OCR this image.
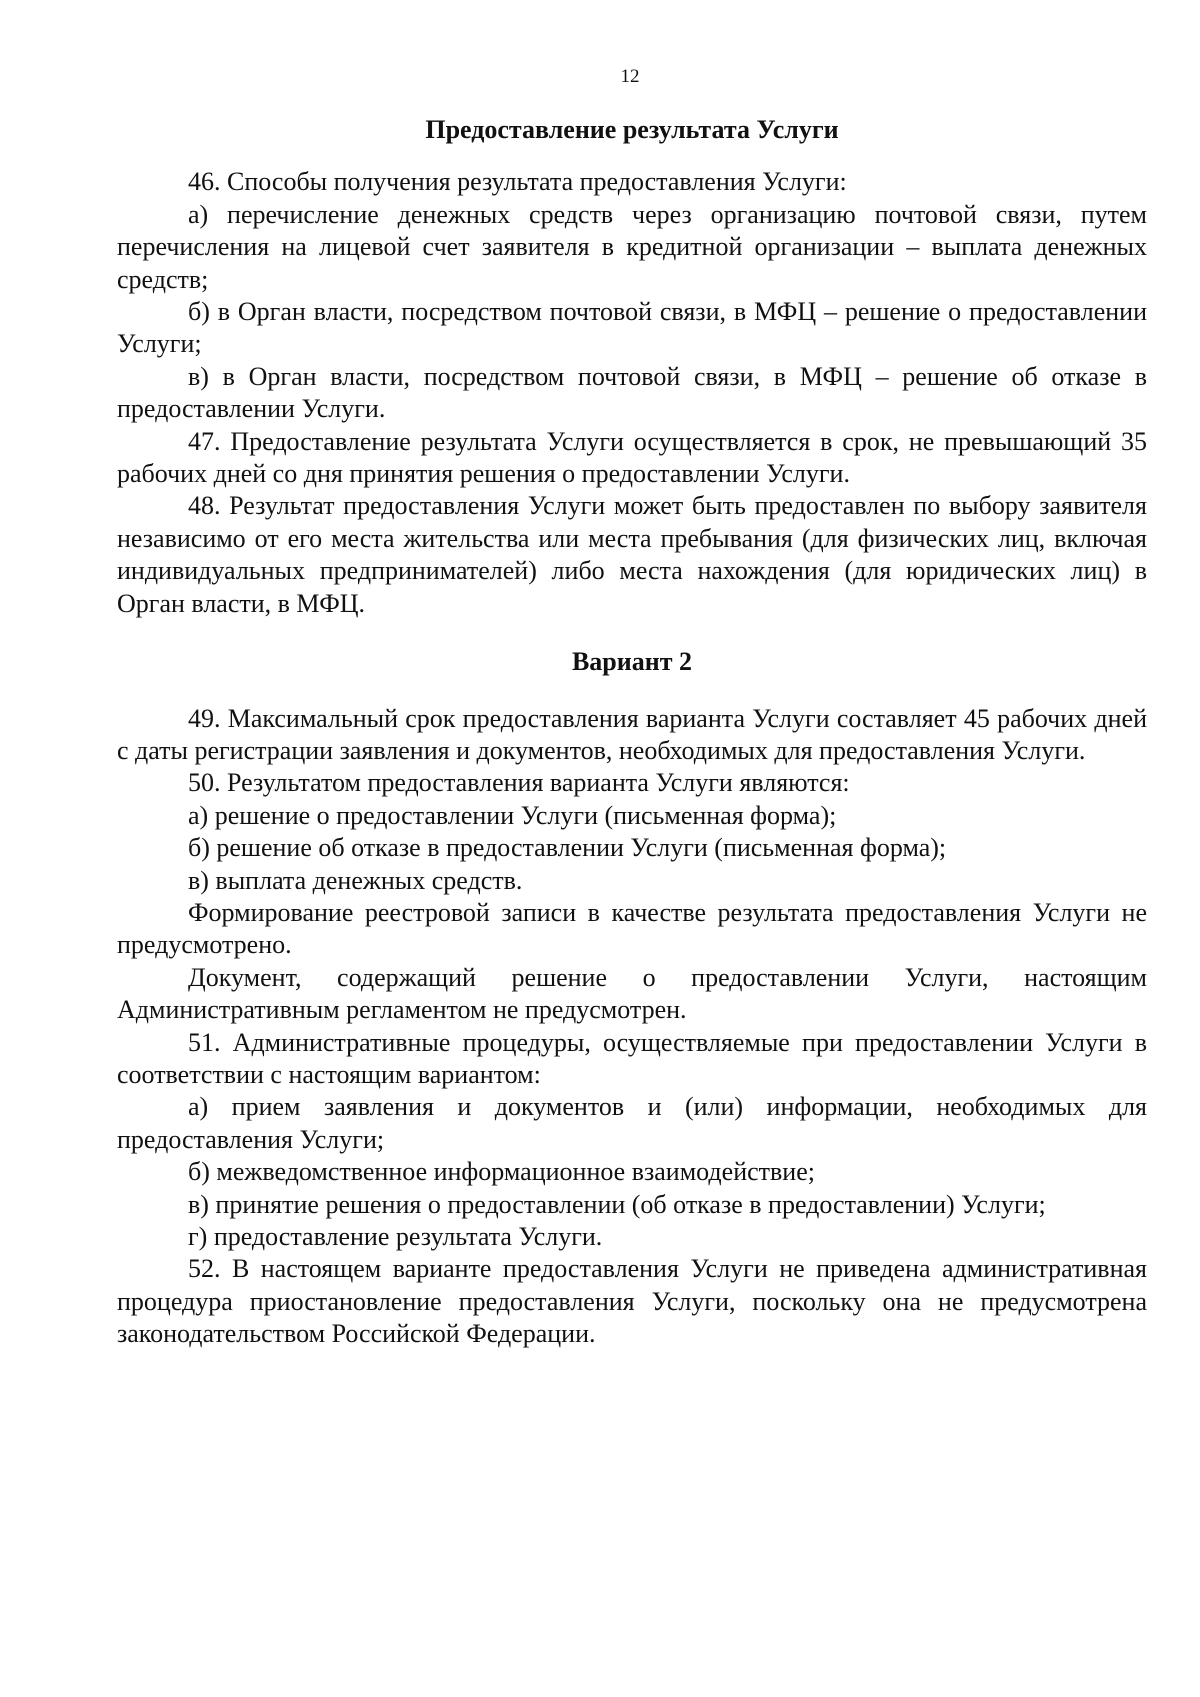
12
Предоставление результата Услуги

46. Способы получения результата предоставления Услуги:

а) перечисление денежных средств через организацию почтовой связи, путем перечисления на лицевой счет заявителя в кредитной организации – выплата денежных средств;

б) в Орган власти, посредством почтовой связи, в МФЦ – решение о предоставлении Услуги;

в) в Орган власти, посредством почтовой связи, в МФЦ – решение об отказе в предоставлении Услуги.

47. Предоставление результата Услуги осуществляется в срок, не превышающий 35 рабочих дней со дня принятия решения о предоставлении Услуги.

48. Результат предоставления Услуги может быть предоставлен по выбору заявителя независимо от его места жительства или места пребывания (для физических лиц, включая индивидуальных предпринимателей) либо места нахождения (для юридических лиц) в Орган власти, в МФЦ.

Вариант 2

49. Максимальный срок предоставления варианта Услуги составляет 45 рабочих дней с даты регистрации заявления и документов, необходимых для предоставления Услуги.

50. Результатом предоставления варианта Услуги являются:

а) решение о предоставлении Услуги (письменная форма);

б) решение об отказе в предоставлении Услуги (письменная форма);

в) выплата денежных средств.

Формирование реестровой записи в качестве результата предоставления Услуги не предусмотрено.

Документ, содержащий решение о предоставлении Услуги, настоящим Административным регламентом не предусмотрен.

51. Административные процедуры, осуществляемые при предоставлении Услуги в соответствии с настоящим вариантом:

а) прием заявления и документов и (или) информации, необходимых для предоставления Услуги;

б) межведомственное информационное взаимодействие;

в) принятие решения о предоставлении (об отказе в предоставлении) Услуги;

г) предоставление результата Услуги.

52. В настоящем варианте предоставления Услуги не приведена административная процедура приостановление предоставления Услуги, поскольку она не предусмотрена законодательством Российской Федерации.
